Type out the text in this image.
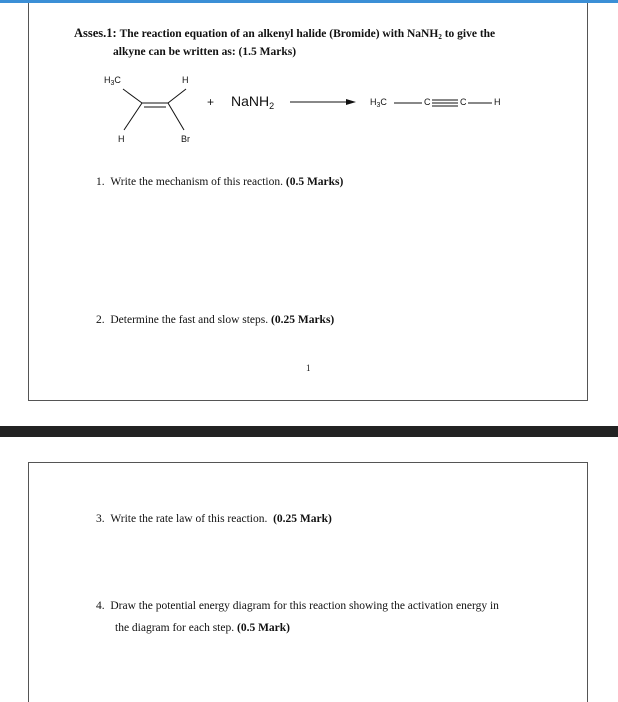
Asses.1: The reaction equation of an alkenyl halide (Bromide) with NaNH$_2$ to give the
alkyne can be written as: (1.5 Marks)
$H_3C$	H
H	Br
+ NaNH$_2$	$H_3C$	C	C	H
1. Write the mechanism of this reaction. (0.5 Marks)
2. Determine the fast and slow steps. (0.25 Marks)
1
3. Write the rate law of this reaction. (0.25 Mark)
4. Draw the potential energy diagram for this reaction showing the activation energy in
the diagram for each step. (0.5 Mark)
